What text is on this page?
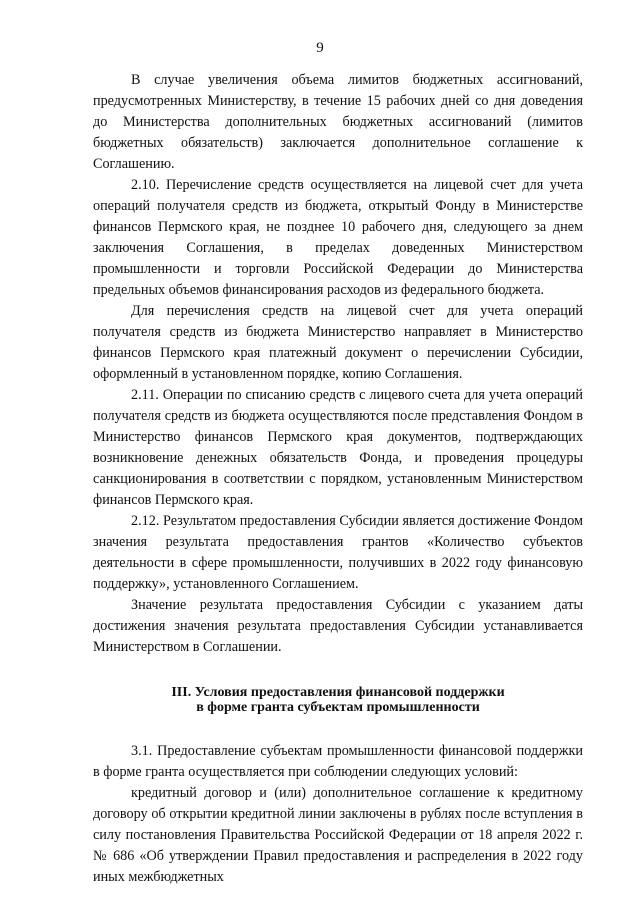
9

В случае увеличения объема лимитов бюджетных ассигнований, предусмотренных Министерству, в течение 15 рабочих дней со дня доведения до Министерства дополнительных бюджетных ассигнований (лимитов бюджетных обязательств) заключается дополнительное соглашение к Соглашению.

2.10. Перечисление средств осуществляется на лицевой счет для учета операций получателя средств из бюджета, открытый Фонду в Министерстве финансов Пермского края, не позднее 10 рабочего дня, следующего за днем заключения Соглашения, в пределах доведенных Министерством промышленности и торговли Российской Федерации до Министерства предельных объемов финансирования расходов из федерального бюджета.

Для перечисления средств на лицевой счет для учета операций получателя средств из бюджета Министерство направляет в Министерство финансов Пермского края платежный документ о перечислении Субсидии, оформленный в установленном порядке, копию Соглашения.

2.11. Операции по списанию средств с лицевого счета для учета операций получателя средств из бюджета осуществляются после представления Фондом в Министерство финансов Пермского края документов, подтверждающих возникновение денежных обязательств Фонда, и проведения процедуры санкционирования в соответствии с порядком, установленным Министерством финансов Пермского края.

2.12. Результатом предоставления Субсидии является достижение Фондом значения результата предоставления грантов «Количество субъектов деятельности в сфере промышленности, получивших в 2022 году финансовую поддержку», установленного Соглашением.

Значение результата предоставления Субсидии с указанием даты достижения значения результата предоставления Субсидии устанавливается Министерством в Соглашении.

III. Условия предоставления финансовой поддержки
в форме гранта субъектам промышленности

3.1. Предоставление субъектам промышленности финансовой поддержки в форме гранта осуществляется при соблюдении следующих условий:

кредитный договор и (или) дополнительное соглашение к кредитному договору об открытии кредитной линии заключены в рублях после вступления в силу постановления Правительства Российской Федерации от 18 апреля 2022 г. № 686 «Об утверждении Правил предоставления и распределения в 2022 году иных межбюджетных
